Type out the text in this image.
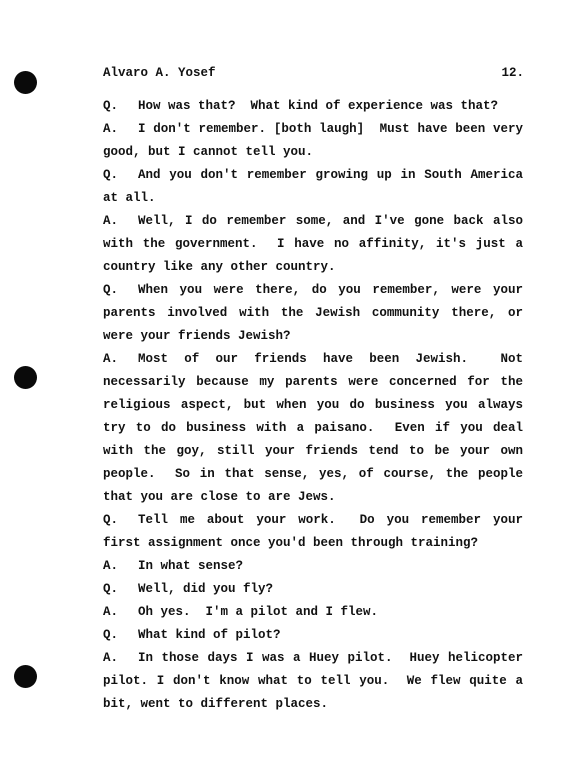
Alvaro A. Yosef	12.
Q. How was that?  What kind of experience was that?
A. I don't remember. [both laugh]  Must have been very good, but I cannot tell you.
Q. And you don't remember growing up in South America at all.
A. Well, I do remember some, and I've gone back also with the government.  I have no affinity, it's just a country like any other country.
Q. When you were there, do you remember, were your parents involved with the Jewish community there, or were your friends Jewish?
A. Most of our friends have been Jewish.  Not necessarily because my parents were concerned for the religious aspect, but when you do business you always try to do business with a paisano.  Even if you deal with the goy, still your friends tend to be your own people.  So in that sense, yes, of course, the people that you are close to are Jews.
Q. Tell me about your work.  Do you remember your first assignment once you'd been through training?
A. In what sense?
Q. Well, did you fly?
A. Oh yes.  I'm a pilot and I flew.
Q. What kind of pilot?
A. In those days I was a Huey pilot.  Huey helicopter pilot. I don't know what to tell you.  We flew quite a bit, went to different places.
